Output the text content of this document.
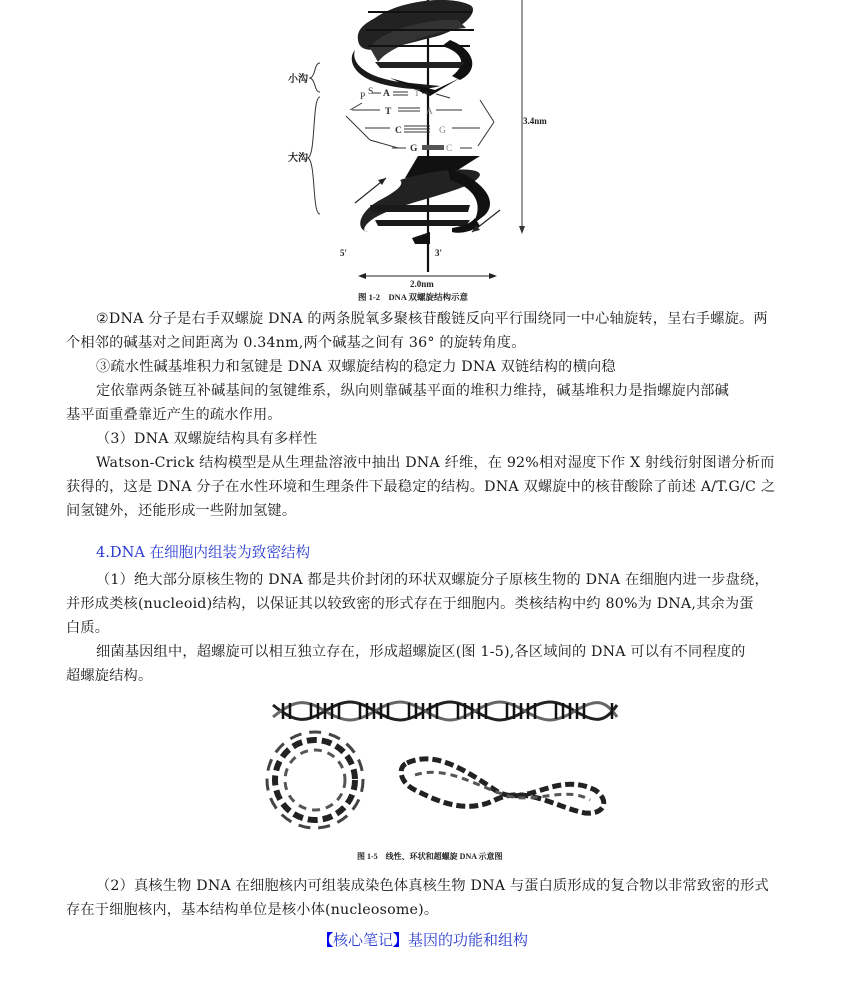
S
P A	T
T	A
C	G
G	C
小沟
大沟
3.4nm
2.0nm
5′	3′
图 1-2　DNA 双螺旋结构示意
②DNA 分子是右手双螺旋 DNA 的两条脱氧多聚核苷酸链反向平行围绕同一中心轴旋转，呈右手螺旋。两

个相邻的碱基对之间距离为 0.34nm,两个碱基之间有 36° 的旋转角度。
③疏水性碱基堆积力和氢键是 DNA 双螺旋结构的稳定力 DNA 双链结构的横向稳
定依靠两条链互补碱基间的氢键维系，纵向则靠碱基平面的堆积力维持，碱基堆积力是指螺旋内部碱
基平面重叠靠近产生的疏水作用。
（3）DNA 双螺旋结构具有多样性
Watson-Crick 结构模型是从生理盐溶液中抽出 DNA 纤维，在 92%相对湿度下作 X 射线衍射图谱分析而
获得的，这是 DNA 分子在水性环境和生理条件下最稳定的结构。DNA 双螺旋中的核苷酸除了前述 A/T.G/C 之
间氢键外，还能形成一些附加氢键。
4.DNA 在细胞内组装为致密结构
（1）绝大部分原核生物的 DNA 都是共价封闭的环状双螺旋分子原核生物的 DNA 在细胞内进一步盘绕，
并形成类核(nucleoid)结构，以保证其以较致密的形式存在于细胞内。类核结构中约 80%为 DNA,其余为蛋
白质。
细菌基因组中，超螺旋可以相互独立存在，形成超螺旋区(图 1-5),各区域间的 DNA 可以有不同程度的
超螺旋结构。
图 1-5　线性、环状和超螺旋 DNA 示意图
（2）真核生物 DNA 在细胞核内可组装成染色体真核生物 DNA 与蛋白质形成的复合物以非常致密的形式
存在于细胞核内，基本结构单位是核小体(nucleosome)。
【核心笔记】基因的功能和组构
